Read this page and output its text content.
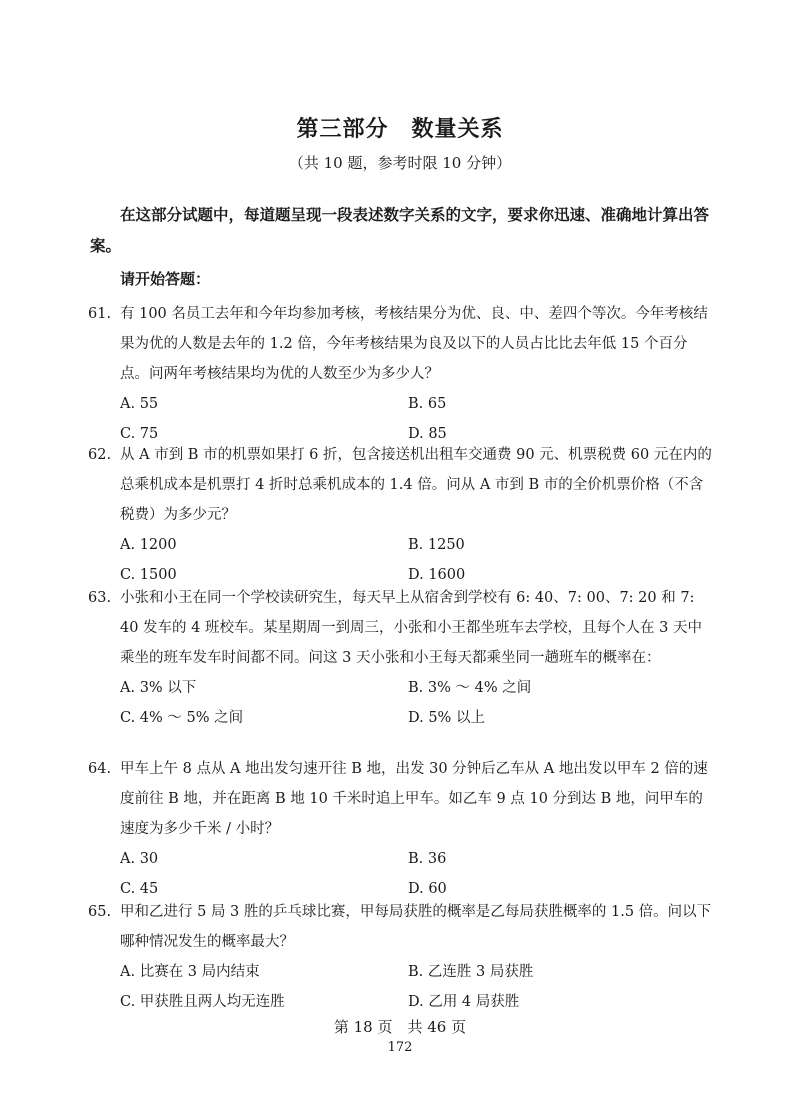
第三部分　数量关系
（共 10 题，参考时限 10 分钟）
在这部分试题中，每道题呈现一段表述数字关系的文字，要求你迅速、准确地计算出答案。
请开始答题：
61. 有 100 名员工去年和今年均参加考核，考核结果分为优、良、中、差四个等次。今年考核结果为优的人数是去年的 1.2 倍，今年考核结果为良及以下的人员占比比去年低 15 个百分点。问两年考核结果均为优的人数至少为多少人？
A. 55	B. 65
C. 75	D. 85
62. 从 A 市到 B 市的机票如果打 6 折，包含接送机出租车交通费 90 元、机票税费 60 元在内的总乘机成本是机票打 4 折时总乘机成本的 1.4 倍。问从 A 市到 B 市的全价机票价格（不含税费）为多少元？
A. 1200	B. 1250
C. 1500	D. 1600
63. 小张和小王在同一个学校读研究生，每天早上从宿舍到学校有 6: 40、7: 00、7: 20 和 7: 40 发车的 4 班校车。某星期周一到周三，小张和小王都坐班车去学校，且每个人在 3 天中乘坐的班车发车时间都不同。问这 3 天小张和小王每天都乘坐同一趟班车的概率在：
A. 3% 以下	B. 3% ～ 4% 之间
C. 4% ～ 5% 之间	D. 5% 以上
64. 甲车上午 8 点从 A 地出发匀速开往 B 地，出发 30 分钟后乙车从 A 地出发以甲车 2 倍的速度前往 B 地，并在距离 B 地 10 千米时追上甲车。如乙车 9 点 10 分到达 B 地，问甲车的速度为多少千米 / 小时？
A. 30	B. 36
C. 45	D. 60
65. 甲和乙进行 5 局 3 胜的乒乓球比赛，甲每局获胜的概率是乙每局获胜概率的 1.5 倍。问以下哪种情况发生的概率最大？
A. 比赛在 3 局内结束	B. 乙连胜 3 局获胜
C. 甲获胜且两人均无连胜	D. 乙用 4 局获胜
第 18 页　共 46 页
172
